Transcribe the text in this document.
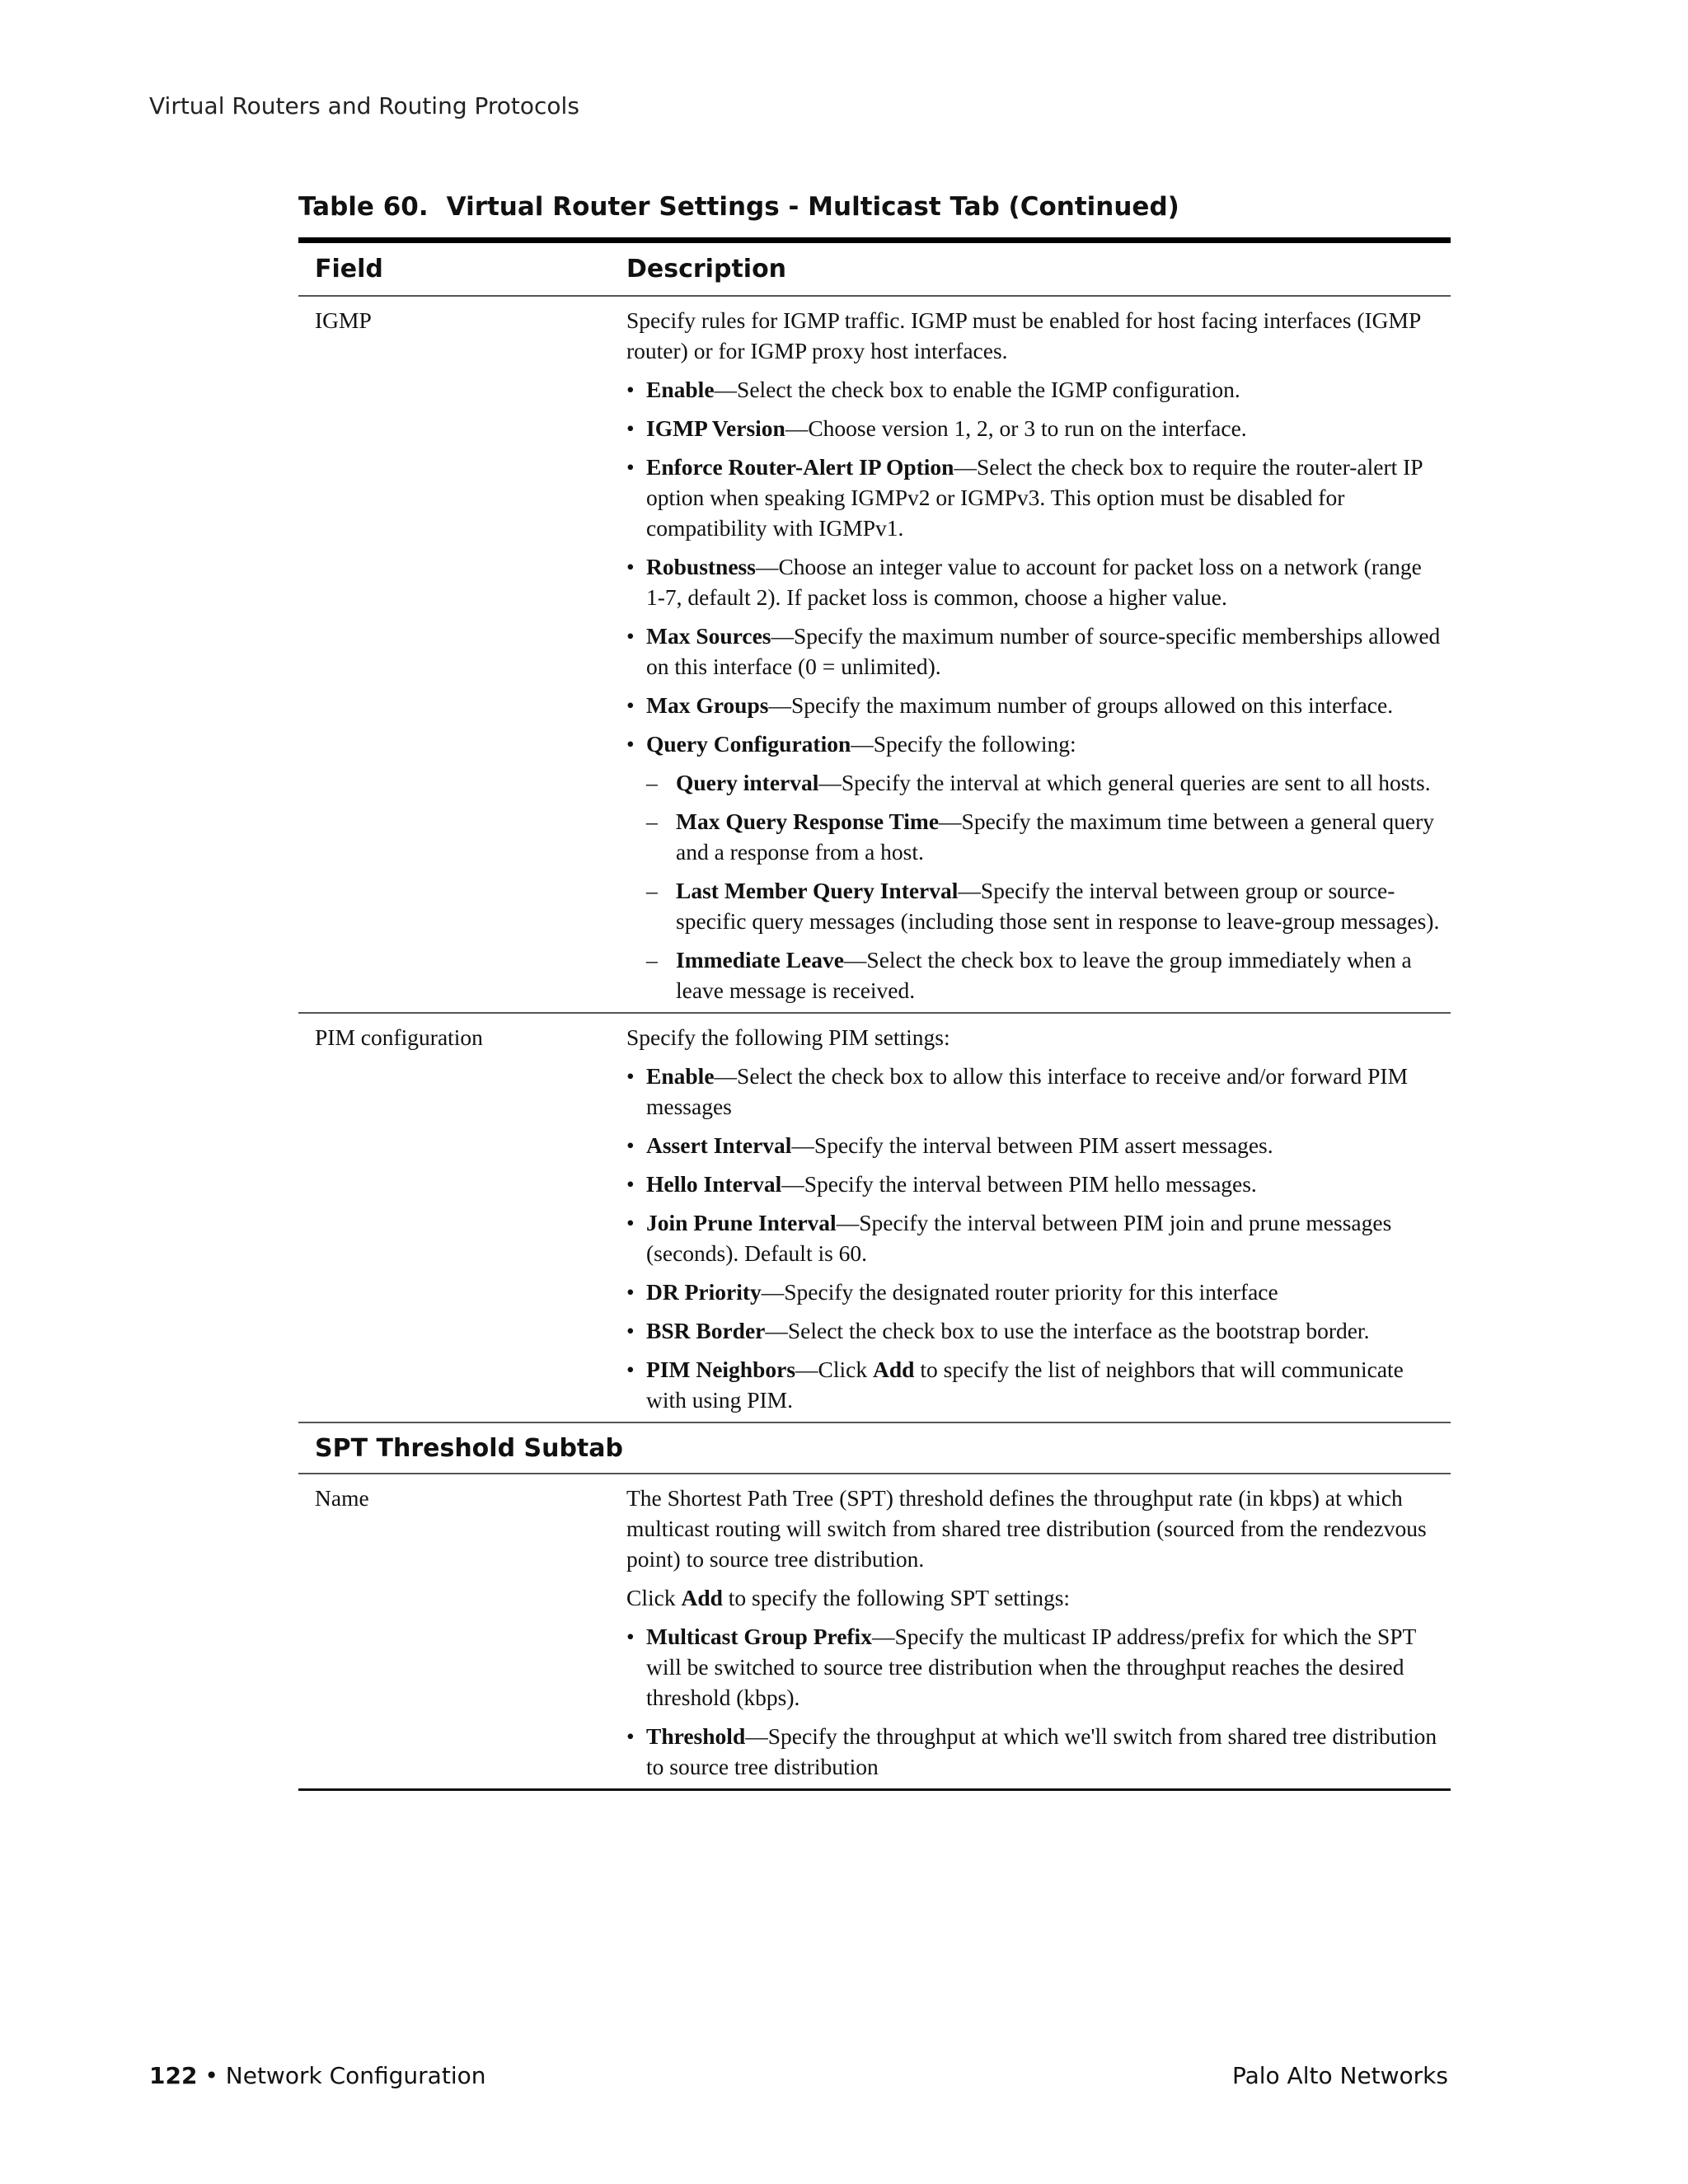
Virtual Routers and Routing Protocols
Table 60. Virtual Router Settings - Multicast Tab (Continued)
Field	Description
IGMP	Specify rules for IGMP traffic. IGMP must be enabled for host facing interfaces (IGMP router) or for IGMP proxy host interfaces.

• Enable—Select the check box to enable the IGMP configuration.
• IGMP Version—Choose version 1, 2, or 3 to run on the interface.
• Enforce Router-Alert IP Option—Select the check box to require the router-alert IP option when speaking IGMPv2 or IGMPv3. This option must be disabled for compatibility with IGMPv1.
• Robustness—Choose an integer value to account for packet loss on a network (range 1-7, default 2). If packet loss is common, choose a higher value.
• Max Sources—Specify the maximum number of source-specific memberships allowed on this interface (0 = unlimited).
• Max Groups—Specify the maximum number of groups allowed on this interface.
• Query Configuration—Specify the following:
– Query interval—Specify the interval at which general queries are sent to all hosts.
– Max Query Response Time—Specify the maximum time between a general query and a response from a host.
– Last Member Query Interval—Specify the interval between group or source-specific query messages (including those sent in response to leave-group messages).
– Immediate Leave—Select the check box to leave the group immediately when a leave message is received.
PIM configuration	Specify the following PIM settings:

• Enable—Select the check box to allow this interface to receive and/or forward PIM messages
• Assert Interval—Specify the interval between PIM assert messages.
• Hello Interval—Specify the interval between PIM hello messages.
• Join Prune Interval—Specify the interval between PIM join and prune messages (seconds). Default is 60.
• DR Priority—Specify the designated router priority for this interface
• BSR Border—Select the check box to use the interface as the bootstrap border.
• PIM Neighbors—Click Add to specify the list of neighbors that will communicate with using PIM.
SPT Threshold Subtab
Name	The Shortest Path Tree (SPT) threshold defines the throughput rate (in kbps) at which multicast routing will switch from shared tree distribution (sourced from the rendezvous point) to source tree distribution.

Click Add to specify the following SPT settings:

• Multicast Group Prefix—Specify the multicast IP address/prefix for which the SPT will be switched to source tree distribution when the throughput reaches the desired threshold (kbps).
• Threshold—Specify the throughput at which we'll switch from shared tree distribution to source tree distribution
122 • Network Configuration	Palo Alto Networks
